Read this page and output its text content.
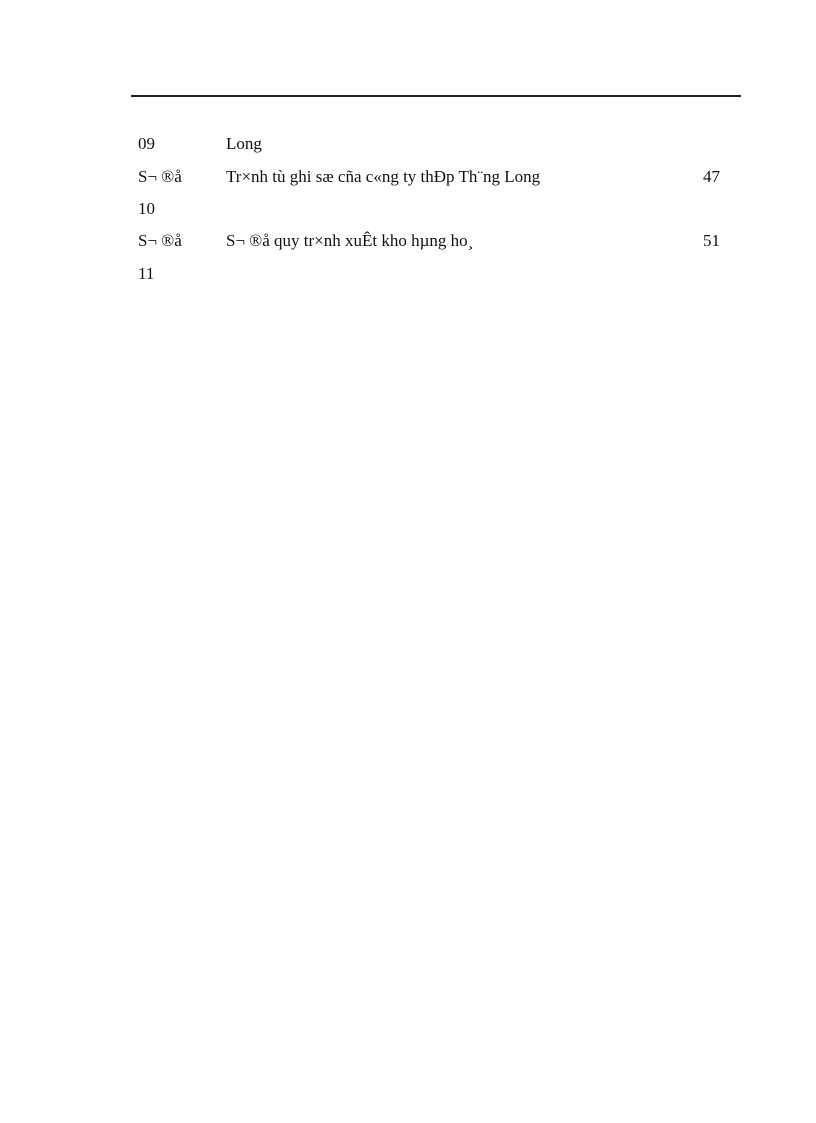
09	Long
S¬ ®å	Tr×nh tù ghi sæ cña c«ng ty thÐp Th¨ng Long	47
10
S¬ ®å	S¬ ®å quy tr×nh xuÊt kho hµng ho¸	51
11
